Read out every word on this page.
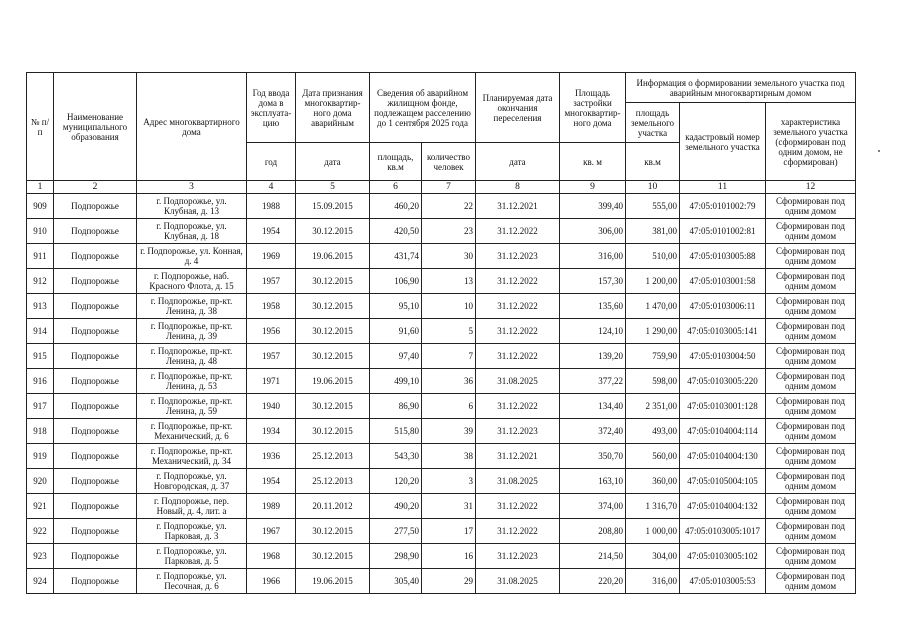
№ п/п	Наименование муниципального образования	Адрес многоквартирного дома	Год ввода дома в эксплуата-цию	Дата признания многоквартир-ного дома аварийным	Сведения об аварийном жилищном фонде, подлежащем расселению до 1 сентября 2025 года		Планируемая дата окончания переселения	Площадь застройки многоквартир-ного дома	Информация о формировании земельного участка под аварийным многоквартирным домом		
									площадь земельного участка	кадастровый номер земельного участка	характеристика земельного участка (сформирован под одним домом, не сформирован)
			год	дата	площадь, кв.м	количество человек	дата	кв. м	кв.м		
1	2	3	4	5	6	7	8	9	10	11	12
909	Подпорожье	г. Подпорожье, ул. Клубная, д. 13	1988	15.09.2015	460,20	22	31.12.2021	399,40	555,00	47:05:0101002:79	Сформирован под одним домом
910	Подпорожье	г. Подпорожье, ул. Клубная, д. 18	1954	30.12.2015	420,50	23	31.12.2022	306,00	381,00	47:05:0101002:81	Сформирован под одним домом
911	Подпорожье	г. Подпорожье, ул. Конная, д. 4	1969	19.06.2015	431,74	30	31.12.2023	316,00	510,00	47:05:0103005:88	Сформирован под одним домом
912	Подпорожье	г. Подпорожье, наб. Красного Флота, д. 15	1957	30.12.2015	106,90	13	31.12.2022	157,30	1 200,00	47:05:0103001:58	Сформирован под одним домом
913	Подпорожье	г. Подпорожье, пр-кт. Ленина, д. 38	1958	30.12.2015	95,10	10	31.12.2022	135,60	1 470,00	47:05:0103006:11	Сформирован под одним домом
914	Подпорожье	г. Подпорожье, пр-кт. Ленина, д. 39	1956	30.12.2015	91,60	5	31.12.2022	124,10	1 290,00	47:05:0103005:141	Сформирован под одним домом
915	Подпорожье	г. Подпорожье, пр-кт. Ленина, д. 48	1957	30.12.2015	97,40	7	31.12.2022	139,20	759,90	47:05:0103004:50	Сформирован под одним домом
916	Подпорожье	г. Подпорожье, пр-кт. Ленина, д. 53	1971	19.06.2015	499,10	36	31.08.2025	377,22	598,00	47:05:0103005:220	Сформирован под одним домом
917	Подпорожье	г. Подпорожье, пр-кт. Ленина, д. 59	1940	30.12.2015	86,90	6	31.12.2022	134,40	2 351,00	47:05:0103001:128	Сформирован под одним домом
918	Подпорожье	г. Подпорожье, пр-кт. Механический, д. 6	1934	30.12.2015	515,80	39	31.12.2023	372,40	493,00	47:05:0104004:114	Сформирован под одним домом
919	Подпорожье	г. Подпорожье, пр-кт. Механический, д. 34	1936	25.12.2013	543,30	38	31.12.2021	350,70	560,00	47:05:0104004:130	Сформирован под одним домом
920	Подпорожье	г. Подпорожье, ул. Новгородская, д. 37	1954	25.12.2013	120,20	3	31.08.2025	163,10	360,00	47:05:0105004:105	Сформирован под одним домом
921	Подпорожье	г. Подпорожье, пер. Новый, д. 4, лит. а	1989	20.11.2012	490,20	31	31.12.2022	374,00	1 316,70	47:05:0104004:132	Сформирован под одним домом
922	Подпорожье	г. Подпорожье, ул. Парковая, д. 3	1967	30.12.2015	277,50	17	31.12.2022	208,80	1 000,00	47:05:0103005:1017	Сформирован под одним домом
923	Подпорожье	г. Подпорожье, ул. Парковая, д. 5	1968	30.12.2015	298,90	16	31.12.2023	214,50	304,00	47:05:0103005:102	Сформирован под одним домом
924	Подпорожье	г. Подпорожье, ул. Песочная, д. 6	1966	19.06.2015	305,40	29	31.08.2025	220,20	316,00	47:05:0103005:53	Сформирован под одним домом
